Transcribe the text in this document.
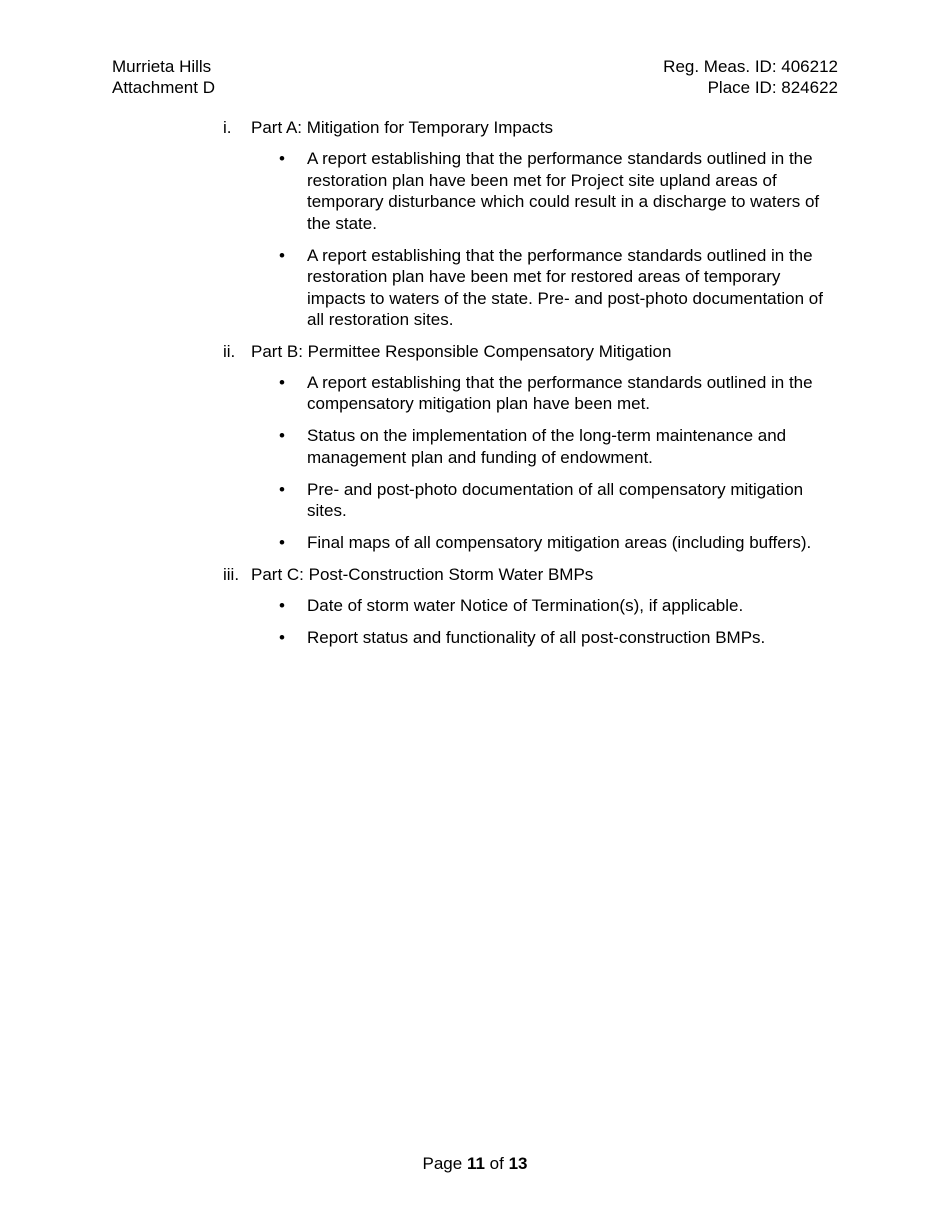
Murrieta Hills
Attachment D
Reg. Meas. ID: 406212
Place ID: 824622
i.	Part A: Mitigation for Temporary Impacts
•
A report establishing that the performance standards outlined in the restoration plan have been met for Project site upland areas of temporary disturbance which could result in a discharge to waters of the state.
•
A report establishing that the performance standards outlined in the restoration plan have been met for restored areas of temporary impacts to waters of the state. Pre- and post-photo documentation of all restoration sites.
ii. Part B: Permittee Responsible Compensatory Mitigation
•
A report establishing that the performance standards outlined in the compensatory mitigation plan have been met.
•
Status on the implementation of the long-term maintenance and management plan and funding of endowment.
•
Pre- and post-photo documentation of all compensatory mitigation sites.
•
Final maps of all compensatory mitigation areas (including buffers).
iii. Part C: Post-Construction Storm Water BMPs
•
Date of storm water Notice of Termination(s), if applicable.
•
Report status and functionality of all post-construction BMPs.
Page 11 of 13
